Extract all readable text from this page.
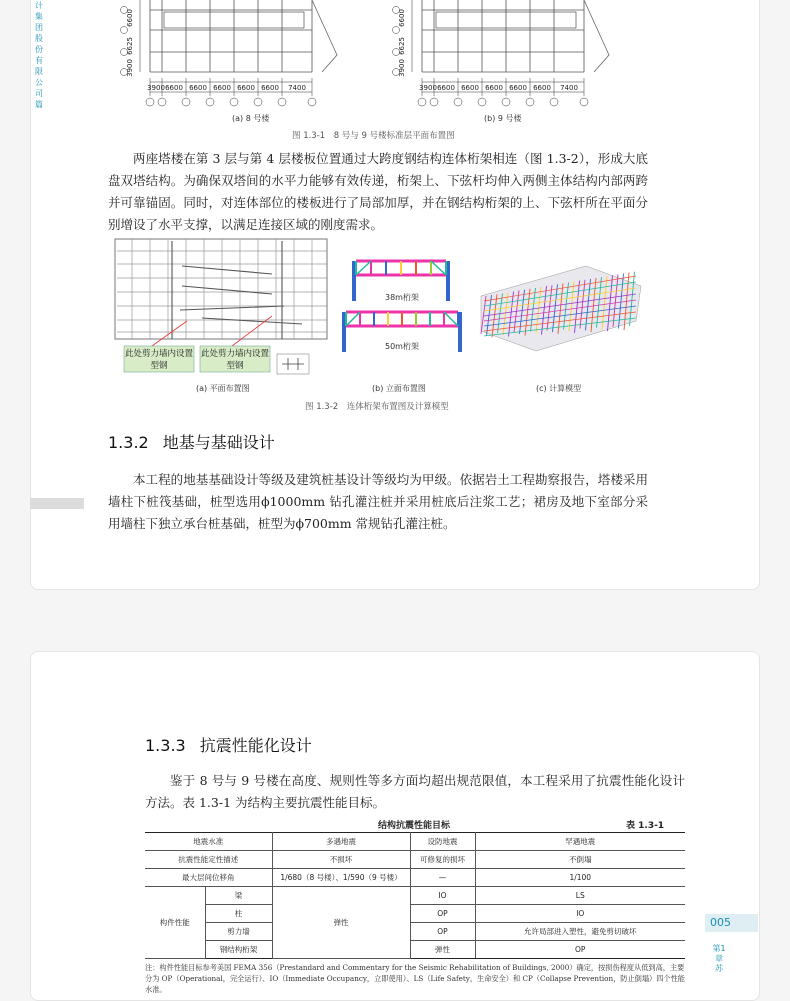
计集团股份有限公司篇
3900 6600 6600 6600 6600 6600 7400
6600
6625
3900
3900 6600 6600 6600 6600 6600 7400
6600
6625
3900
(a) 8 号楼	(b) 9 号楼
图 1.3-1　8 号与 9 号楼标准层平面布置图
两座塔楼在第 3 层与第 4 层楼板位置通过大跨度钢结构连体桁架相连（图 1.3-2），形成大底盘双塔结构。为确保双塔间的水平力能够有效传递，桁架上、下弦杆均伸入两侧主体结构内部两跨并可靠锚固。同时，对连体部位的楼板进行了局部加厚，并在钢结构桁架的上、下弦杆所在平面分别增设了水平支撑，以满足连接区域的刚度需求。
此处剪力墙内设置型钢
此处剪力墙内设置型钢
38m桁架
50m桁架
(a) 平面布置图	(b) 立面布置图	(c) 计算模型
图 1.3-2　连体桁架布置图及计算模型
1.3.2 地基与基础设计
本工程的地基基础设计等级及建筑桩基设计等级均为甲级。依据岩土工程勘察报告，塔楼采用墙柱下桩筏基础，桩型选用ϕ1000mm 钻孔灌注桩并采用桩底后注浆工艺；裙房及地下室部分采用墙柱下独立承台桩基础，桩型为ϕ700mm 常规钻孔灌注桩。
1.3.3 抗震性能化设计
鉴于 8 号与 9 号楼在高度、规则性等多方面均超出规范限值，本工程采用了抗震性能化设计方法。表 1.3-1 为结构主要抗震性能目标。
结构抗震性能目标	表 1.3-1
地震水准		多遇地震	设防地震	罕遇地震
抗震性能定性描述		不损坏	可修复的损坏	不倒塌
最大层间位移角		1/680（8 号楼）、1/590（9 号楼）	—	1/100
构件性能	梁	弹性	IO	LS
	柱		OP	IO
	剪力墙		OP	允许局部进入塑性，避免剪切破坏
	钢结构桁架		弹性	OP
注：构件性能目标参考美国 FEMA 356（Prestandard and Commentary for the Seismic Rehabilitation of Buildings, 2000）确定，按损伤程度从低到高，主要分为 OP（Operational，完全运行）、IO（Immediate Occupancy，立即使用）、LS（Life Safety，生命安全）和 CP（Collapse Prevention，防止倒塌）四个性能水准。
005
第1章 苏
